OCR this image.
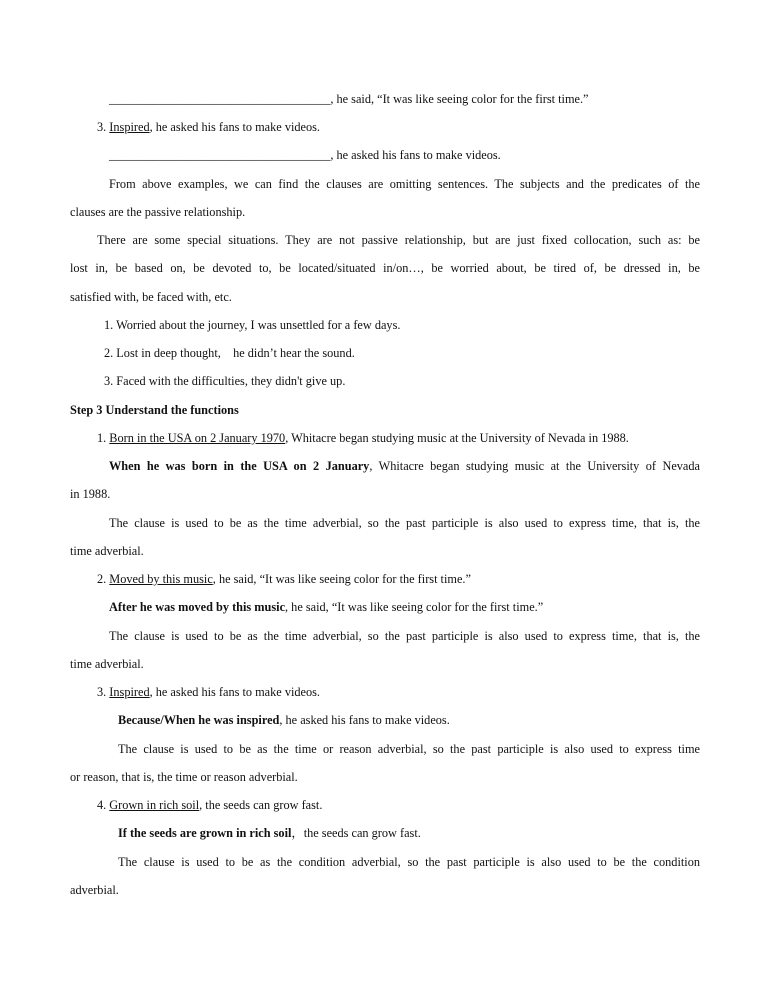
____________________________________, he said, “It was like seeing color for the first time.”
3. Inspired, he asked his fans to make videos.
____________________________________, he asked his fans to make videos.
From above examples, we can find the clauses are omitting sentences. The subjects and the predicates of the
clauses are the passive relationship.
There are some special situations. They are not passive relationship, but are just fixed collocation, such as: be
lost in, be based on, be devoted to, be located/situated in/on…, be worried about, be tired of, be dressed in, be
satisfied with, be faced with, etc.
1. Worried about the journey, I was unsettled for a few days.
2. Lost in deep thought,    he didn’t hear the sound.
3. Faced with the difficulties, they didn't give up.
Step 3 Understand the functions
1. Born in the USA on 2 January 1970, Whitacre began studying music at the University of Nevada in 1988.
When he was born in the USA on 2 January, Whitacre began studying music at the University of Nevada
in 1988.
The clause is used to be as the time adverbial, so the past participle is also used to express time, that is, the
time adverbial.
2. Moved by this music, he said, “It was like seeing color for the first time.”
After he was moved by this music, he said, “It was like seeing color for the first time.”
The clause is used to be as the time adverbial, so the past participle is also used to express time, that is, the
time adverbial.
3. Inspired, he asked his fans to make videos.
Because/When he was inspired, he asked his fans to make videos.
The clause is used to be as the time or reason adverbial, so the past participle is also used to express time
or reason, that is, the time or reason adverbial.
4. Grown in rich soil, the seeds can grow fast.
If the seeds are grown in rich soil，the seeds can grow fast.
The clause is used to be as the condition adverbial, so the past participle is also used to be the condition
adverbial.
